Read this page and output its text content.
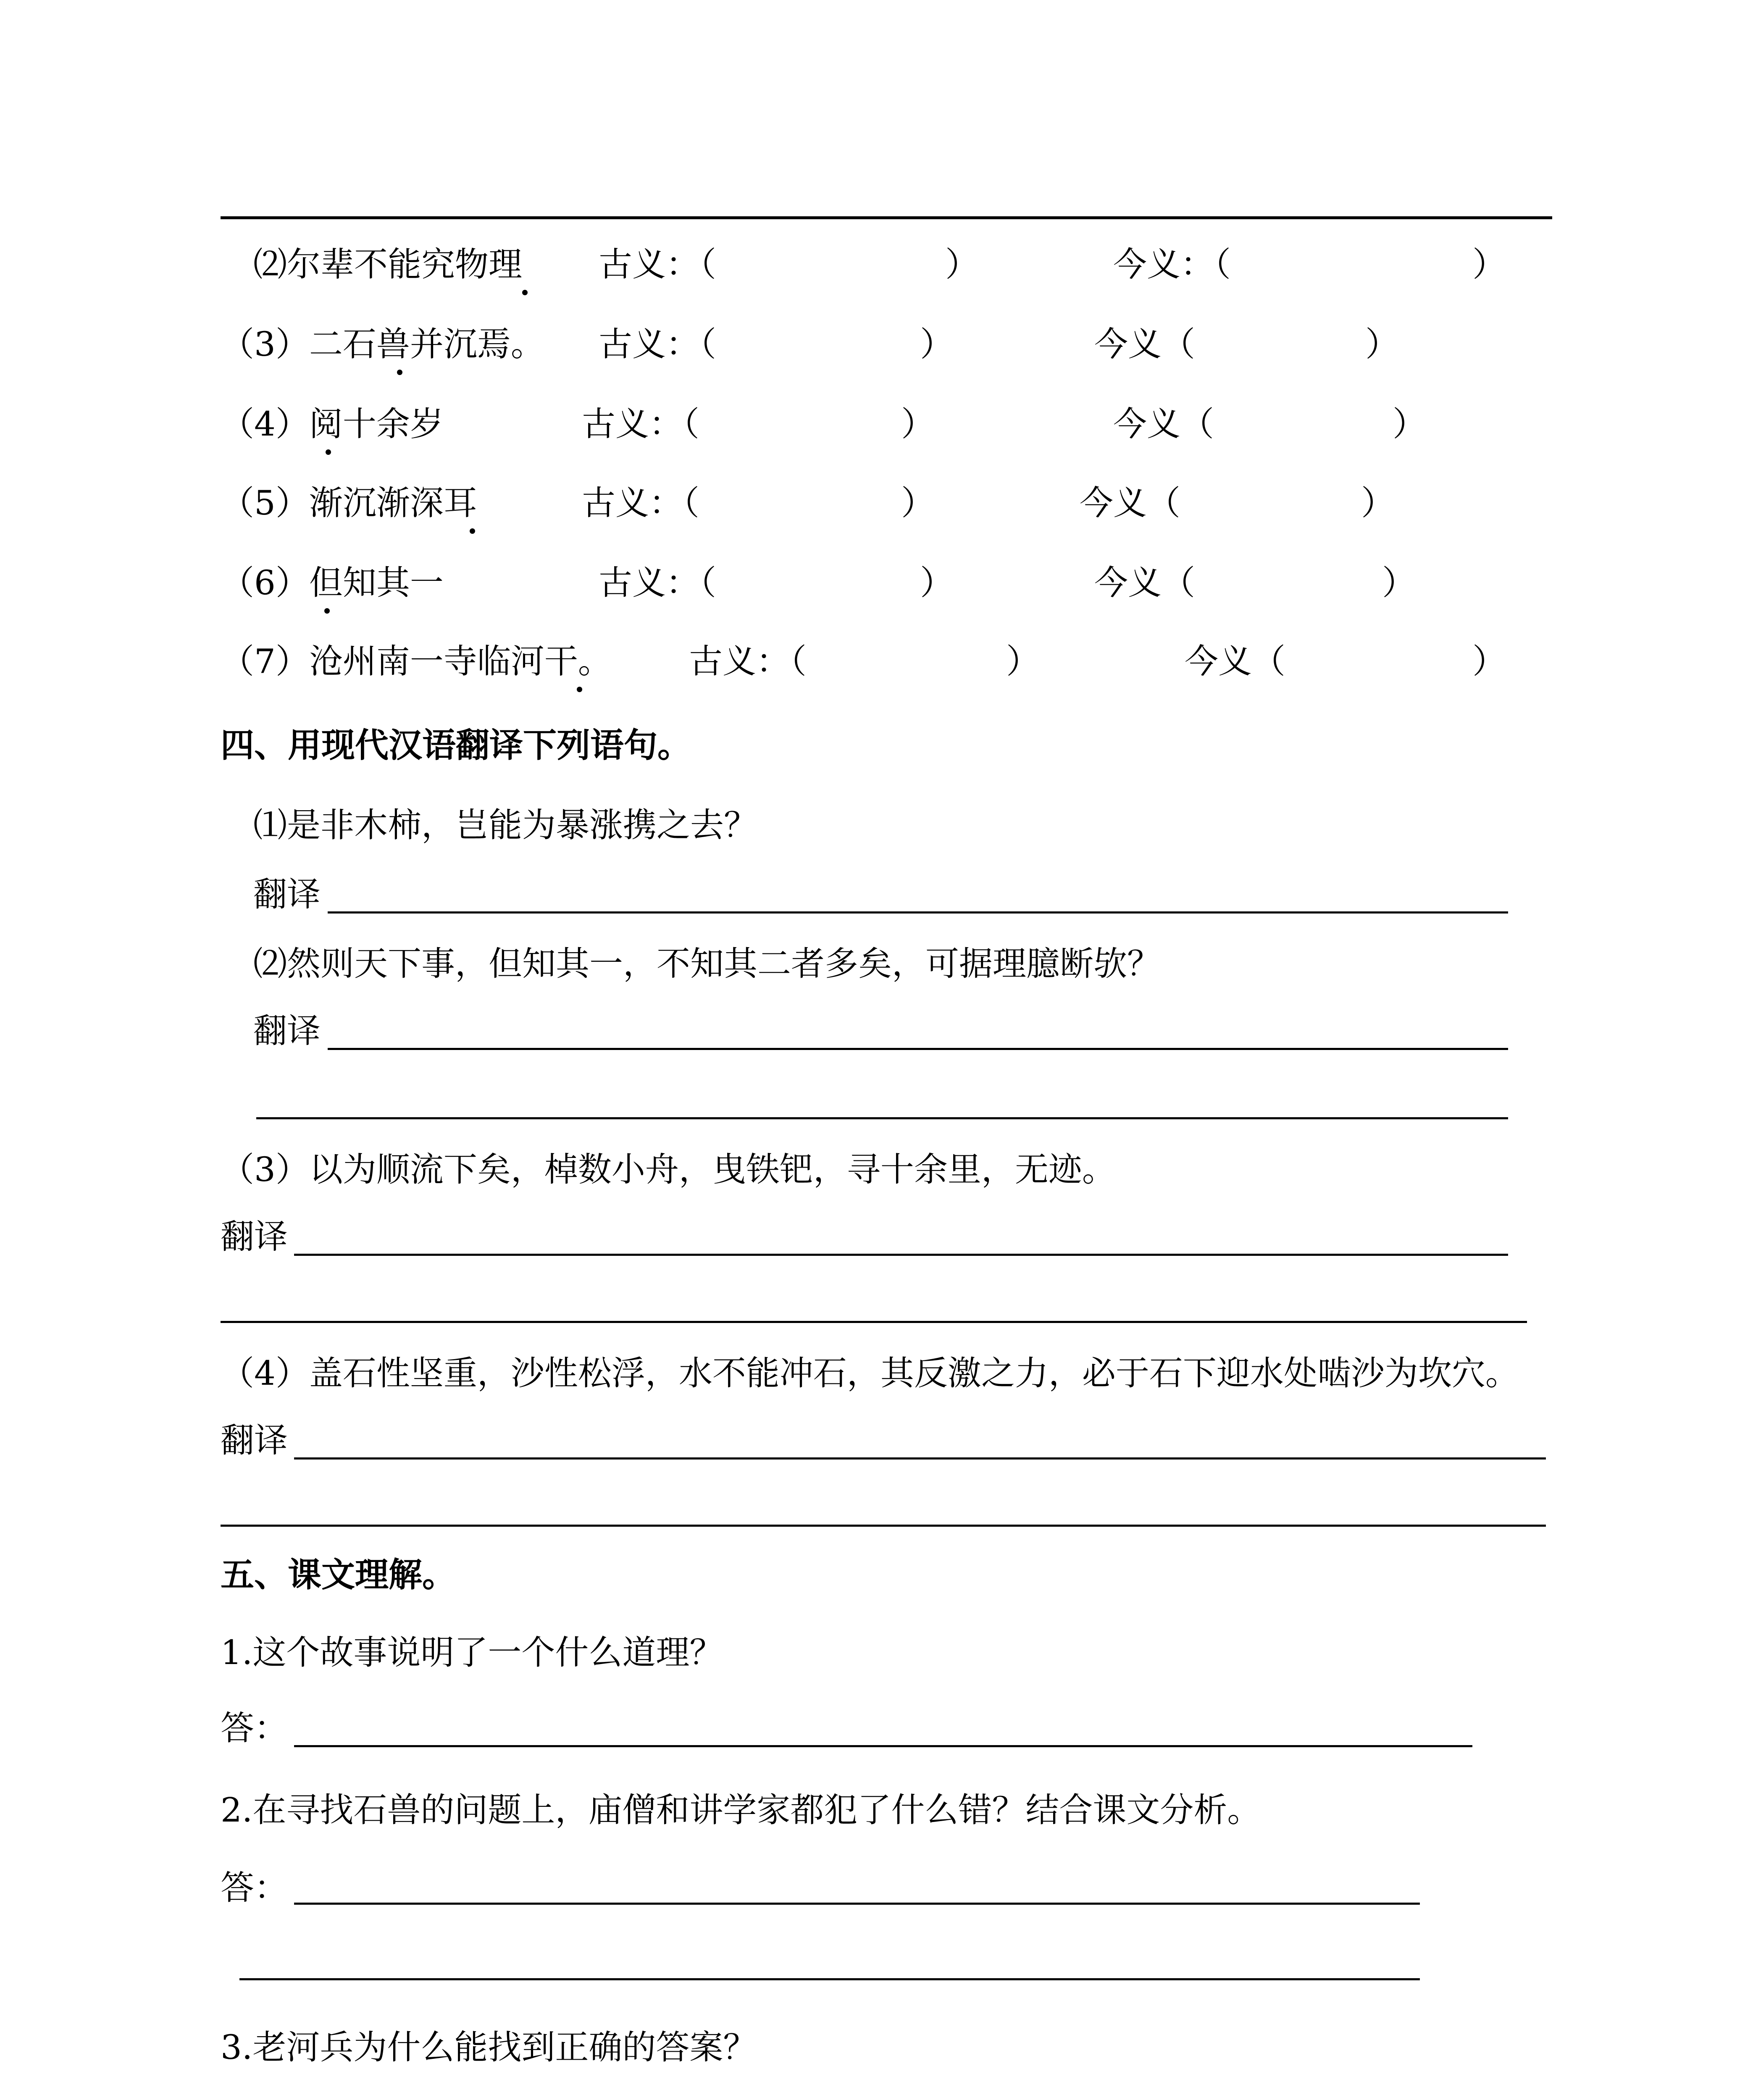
⑵尔辈不能究物理 古义：（	）	今义：（	）
（3）二石兽并沉焉。 古义：（	）	今义（	）
（4）阅十余岁	古义：（	）	今义（	）
（5）渐沉渐深耳	古义：（	）	今义（	）
（6）但知其一	古义：（	）	今义（	）
（7）沧州南一寺临河干。 古义：（	）	今义（	）
四、用现代汉语翻译下列语句。
⑴是非木柿，岂能为暴涨携之去？
翻译
⑵然则天下事，但知其一，不知其二者多矣，可据理臆断欤？
翻译
（3）以为顺流下矣，棹数小舟，曳铁钯，寻十余里，无迹。
翻译
（4）盖石性坚重，沙性松浮，水不能冲石，其反激之力，必于石下迎水处啮沙为坎穴。
翻译
五、课文理解。
1.这个故事说明了一个什么道理？
答：
2.在寻找石兽的问题上，庙僧和讲学家都犯了什么错？结合课文分析。
答：
3.老河兵为什么能找到正确的答案？
